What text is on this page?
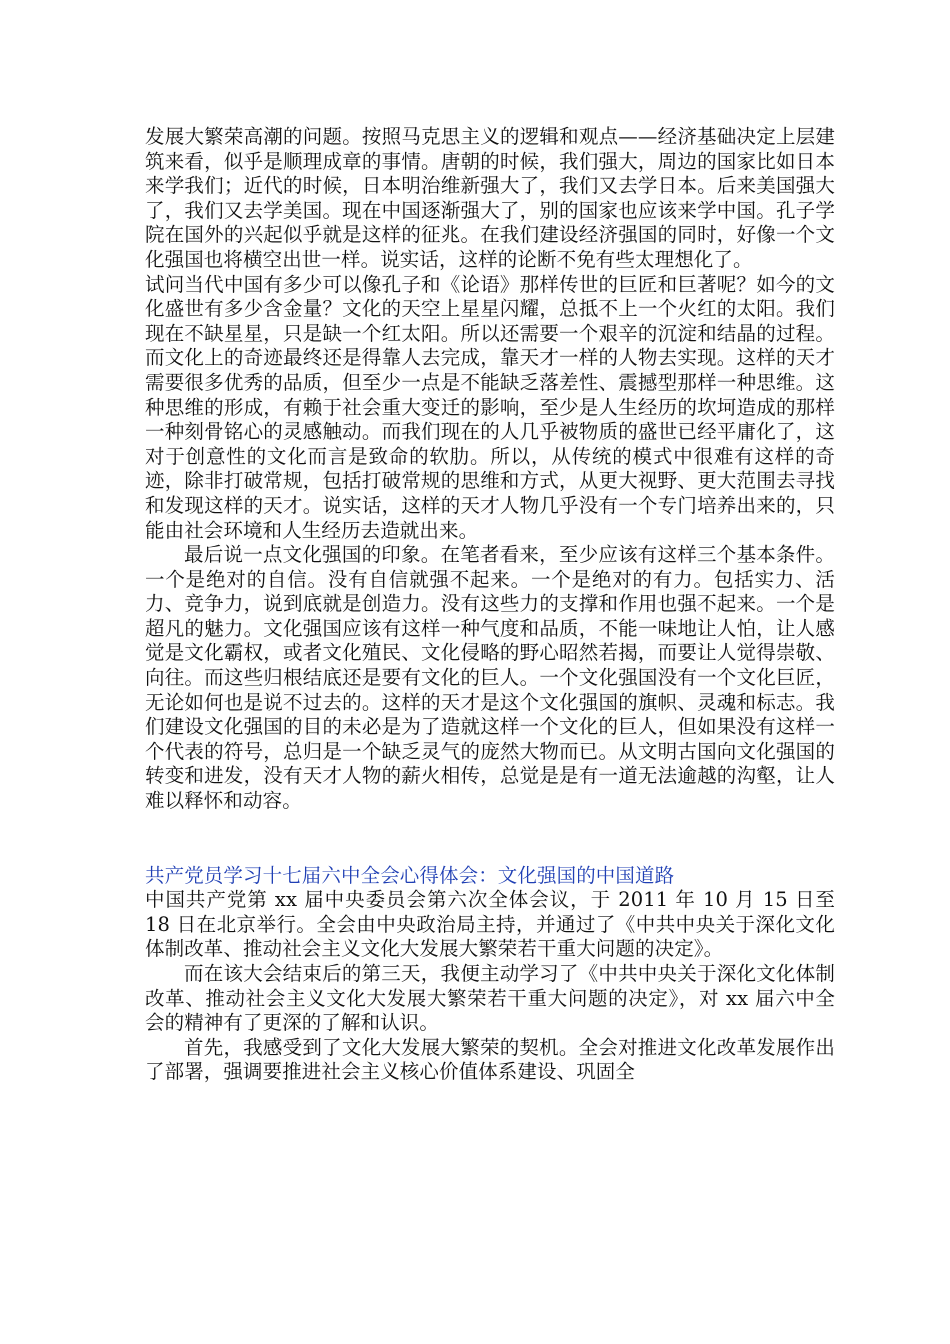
发展大繁荣高潮的问题。按照马克思主义的逻辑和观点——经济基础决定上层建筑来看，似乎是顺理成章的事情。唐朝的时候，我们强大，周边的国家比如日本来学我们；近代的时候，日本明治维新强大了，我们又去学日本。后来美国强大了，我们又去学美国。现在中国逐渐强大了，别的国家也应该来学中国。孔子学院在国外的兴起似乎就是这样的征兆。在我们建设经济强国的同时，好像一个文化强国也将横空出世一样。说实话，这样的论断不免有些太理想化了。

试问当代中国有多少可以像孔子和《论语》那样传世的巨匠和巨著呢？如今的文化盛世有多少含金量？文化的天空上星星闪耀，总抵不上一个火红的太阳。我们现在不缺星星，只是缺一个红太阳。所以还需要一个艰辛的沉淀和结晶的过程。而文化上的奇迹最终还是得靠人去完成，靠天才一样的人物去实现。这样的天才需要很多优秀的品质，但至少一点是不能缺乏落差性、震撼型那样一种思维。这种思维的形成，有赖于社会重大变迁的影响，至少是人生经历的坎坷造成的那样一种刻骨铭心的灵感触动。而我们现在的人几乎被物质的盛世已经平庸化了，这对于创意性的文化而言是致命的软肋。所以，从传统的模式中很难有这样的奇迹，除非打破常规，包括打破常规的思维和方式，从更大视野、更大范围去寻找和发现这样的天才。说实话，这样的天才人物几乎没有一个专门培养出来的，只能由社会环境和人生经历去造就出来。

最后说一点文化强国的印象。在笔者看来，至少应该有这样三个基本条件。一个是绝对的自信。没有自信就强不起来。一个是绝对的有力。包括实力、活力、竞争力，说到底就是创造力。没有这些力的支撑和作用也强不起来。一个是超凡的魅力。文化强国应该有这样一种气度和品质，不能一味地让人怕，让人感觉是文化霸权，或者文化殖民、文化侵略的野心昭然若揭，而要让人觉得崇敬、向往。而这些归根结底还是要有文化的巨人。一个文化强国没有一个文化巨匠，无论如何也是说不过去的。这样的天才是这个文化强国的旗帜、灵魂和标志。我们建设文化强国的目的未必是为了造就这样一个文化的巨人，但如果没有这样一个代表的符号，总归是一个缺乏灵气的庞然大物而已。从文明古国向文化强国的转变和进发，没有天才人物的薪火相传，总觉是是有一道无法逾越的沟壑，让人难以释怀和动容。

共产党员学习十七届六中全会心得体会：文化强国的中国道路

中国共产党第 xx 届中央委员会第六次全体会议，于 2011 年 10 月 15 日至 18 日在北京举行。全会由中央政治局主持，并通过了《中共中央关于深化文化体制改革、推动社会主义文化大发展大繁荣若干重大问题的决定》。

而在该大会结束后的第三天，我便主动学习了《中共中央关于深化文化体制改革、推动社会主义文化大发展大繁荣若干重大问题的决定》，对 xx 届六中全会的精神有了更深的了解和认识。

首先，我感受到了文化大发展大繁荣的契机。全会对推进文化改革发展作出了部署，强调要推进社会主义核心价值体系建设、巩固全
